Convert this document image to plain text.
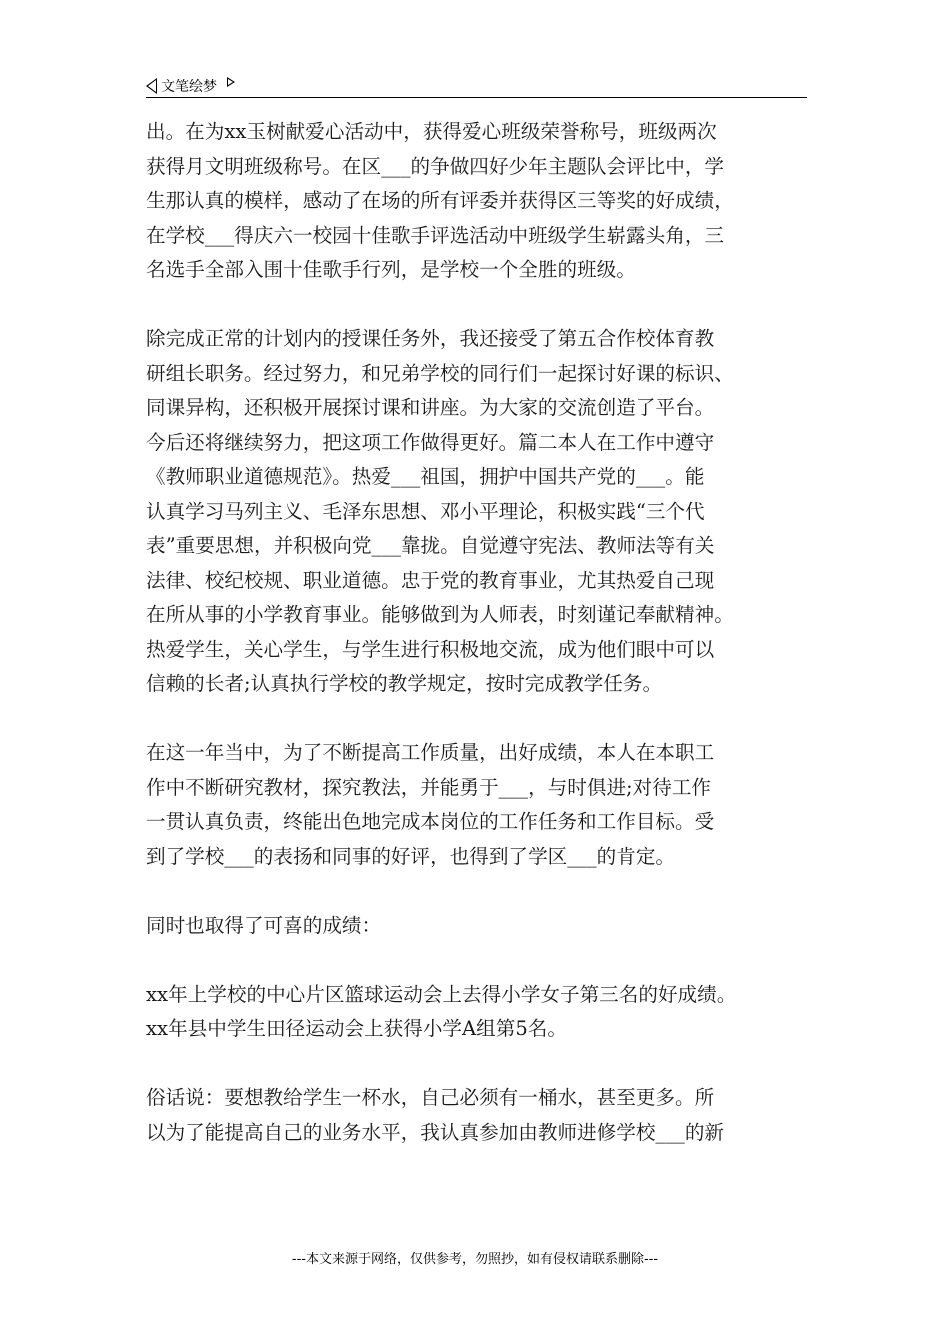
文笔绘梦
出。在为xx玉树献爱心活动中，获得爱心班级荣誉称号，班级两次
获得月文明班级称号。在区___的争做四好少年主题队会评比中，学
生那认真的模样，感动了在场的所有评委并获得区三等奖的好成绩，
在学校___得庆六一校园十佳歌手评选活动中班级学生崭露头角，三
名选手全部入围十佳歌手行列，是学校一个全胜的班级。
除完成正常的计划内的授课任务外，我还接受了第五合作校体育教
研组长职务。经过努力，和兄弟学校的同行们一起探讨好课的标识、
同课异构，还积极开展探讨课和讲座。为大家的交流创造了平台。
今后还将继续努力，把这项工作做得更好。篇二本人在工作中遵守
《教师职业道德规范》。热爱___祖国，拥护中国共产党的___。能
认真学习马列主义、毛泽东思想、邓小平理论，积极实践“三个代
表”重要思想，并积极向党___靠拢。自觉遵守宪法、教师法等有关
法律、校纪校规、职业道德。忠于党的教育事业，尤其热爱自己现
在所从事的小学教育事业。能够做到为人师表，时刻谨记奉献精神。
热爱学生，关心学生，与学生进行积极地交流，成为他们眼中可以
信赖的长者;认真执行学校的教学规定，按时完成教学任务。
在这一年当中，为了不断提高工作质量，出好成绩，本人在本职工
作中不断研究教材，探究教法，并能勇于___，与时俱进;对待工作
一贯认真负责，终能出色地完成本岗位的工作任务和工作目标。受
到了学校___的表扬和同事的好评，也得到了学区___的肯定。
同时也取得了可喜的成绩：
xx年上学校的中心片区篮球运动会上去得小学女子第三名的好成绩。
xx年县中学生田径运动会上获得小学A组第5名。
俗话说：要想教给学生一杯水，自己必须有一桶水，甚至更多。所
以为了能提高自己的业务水平，我认真参加由教师进修学校___的新
---本文来源于网络，仅供参考，勿照抄，如有侵权请联系删除---
